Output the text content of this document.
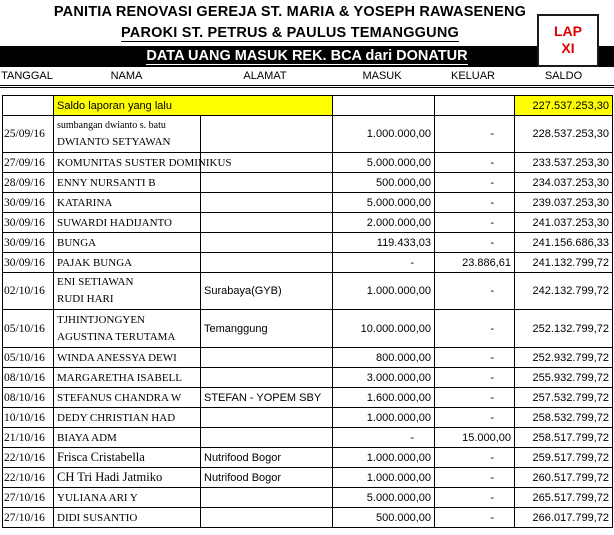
PANITIA RENOVASI GEREJA ST. MARIA & YOSEPH RAWASENENG
PAROKI ST. PETRUS & PAULUS TEMANGGUNG
DATA UANG MASUK REK. BCA dari DONATUR
LAP
XI
TANGGAL	NAMA	ALAMAT	MASUK	KELUAR	SALDO
	Saldo laporan yang lalu				227.537.253,30
25/09/16	sumbangan dwianto s. batu
DWIANTO SETYAWAN		1.000.000,00	-	228.537.253,30
27/09/16	KOMUNITAS SUSTER DOMINIKUS		5.000.000,00	-	233.537.253,30
28/09/16	ENNY NURSANTI B		500.000,00	-	234.037.253,30
30/09/16	KATARINA		5.000.000,00	-	239.037.253,30
30/09/16	SUWARDI HADIJANTO		2.000.000,00	-	241.037.253,30
30/09/16	BUNGA		119.433,03	-	241.156.686,33
30/09/16	PAJAK BUNGA		-	23.886,61	241.132.799,72
02/10/16	ENI SETIAWAN
RUDI HARI	Surabaya(GYB)	1.000.000,00	-	242.132.799,72
05/10/16	TJHINTJONGYEN
AGUSTINA TERUTAMA	Temanggung	10.000.000,00	-	252.132.799,72
05/10/16	WINDA ANESSYA DEWI		800.000,00	-	252.932.799,72
08/10/16	MARGARETHA ISABELL		3.000.000,00	-	255.932.799,72
08/10/16	STEFANUS CHANDRA W	STEFAN - YOPEM SBY	1.600.000,00	-	257.532.799,72
10/10/16	DEDY CHRISTIAN HAD		1.000.000,00	-	258.532.799,72
21/10/16	BIAYA ADM		-	15.000,00	258.517.799,72
22/10/16	Frisca Cristabella	Nutrifood Bogor	1.000.000,00	-	259.517.799,72
22/10/16	CH Tri Hadi Jatmiko	Nutrifood Bogor	1.000.000,00	-	260.517.799,72
27/10/16	YULIANA ARI Y		5.000.000,00	-	265.517.799,72
27/10/16	DIDI SUSANTIO		500.000,00	-	266.017.799,72
